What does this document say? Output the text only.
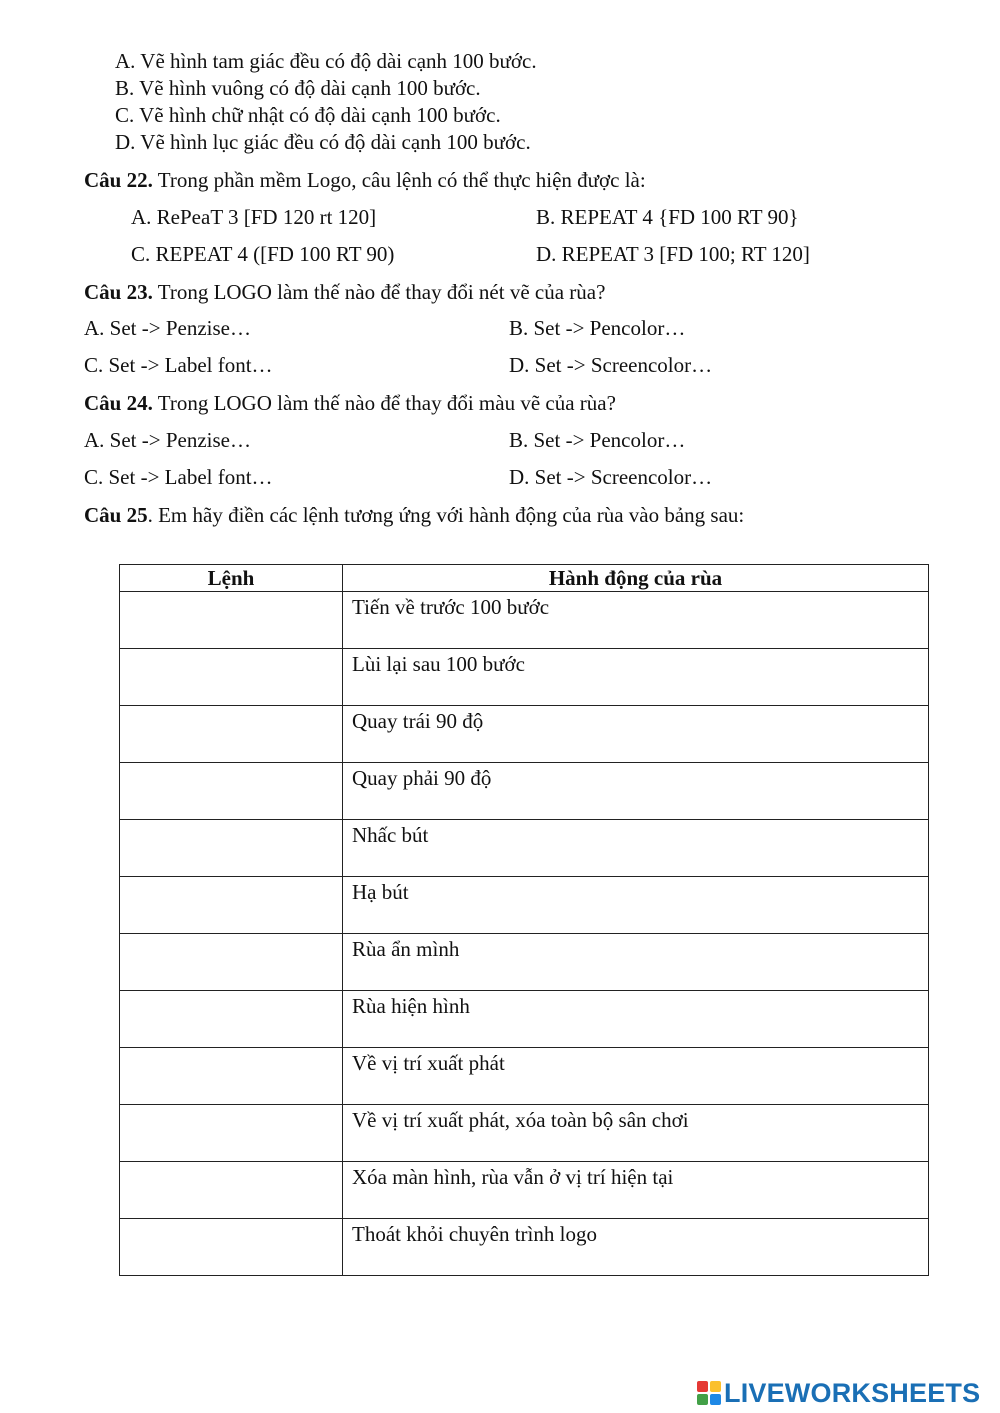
A. Vẽ hình tam giác đều có độ dài cạnh 100 bước.
B. Vẽ hình vuông có độ dài cạnh 100 bước.
C. Vẽ hình chữ nhật có độ dài cạnh 100 bước.
D. Vẽ hình lục giác đều có độ dài cạnh 100 bước.
Câu 22. Trong phần mềm Logo, câu lệnh có thể thực hiện được là:
A. RePeaT 3 [FD 120 rt 120]	B. REPEAT 4 {FD 100 RT 90}
C. REPEAT 4 ([FD 100 RT 90)	D. REPEAT 3 [FD 100; RT 120]
Câu 23. Trong LOGO làm thế nào để thay đổi nét vẽ của rùa?
A. Set -> Penzise…	B. Set -> Pencolor…
C. Set -> Label font…	D. Set -> Screencolor…
Câu 24. Trong LOGO làm thế nào để thay đổi màu vẽ của rùa?
A. Set -> Penzise…	B. Set -> Pencolor…
C. Set -> Label font…	D. Set -> Screencolor…
Câu 25. Em hãy điền các lệnh tương ứng với hành động của rùa vào bảng sau:
Lệnh	Hành động của rùa
	Tiến về trước 100 bước
	Lùi lại sau 100 bước
	Quay trái 90 độ
	Quay phải 90 độ
	Nhấc bút
	Hạ bút
	Rùa ẩn mình
	Rùa hiện hình
	Về vị trí xuất phát
	Về vị trí xuất phát, xóa toàn bộ sân chơi
	Xóa màn hình, rùa vẫn ở vị trí hiện tại
	Thoát khỏi chuyên trình logo
LIVEWORKSHEETS
